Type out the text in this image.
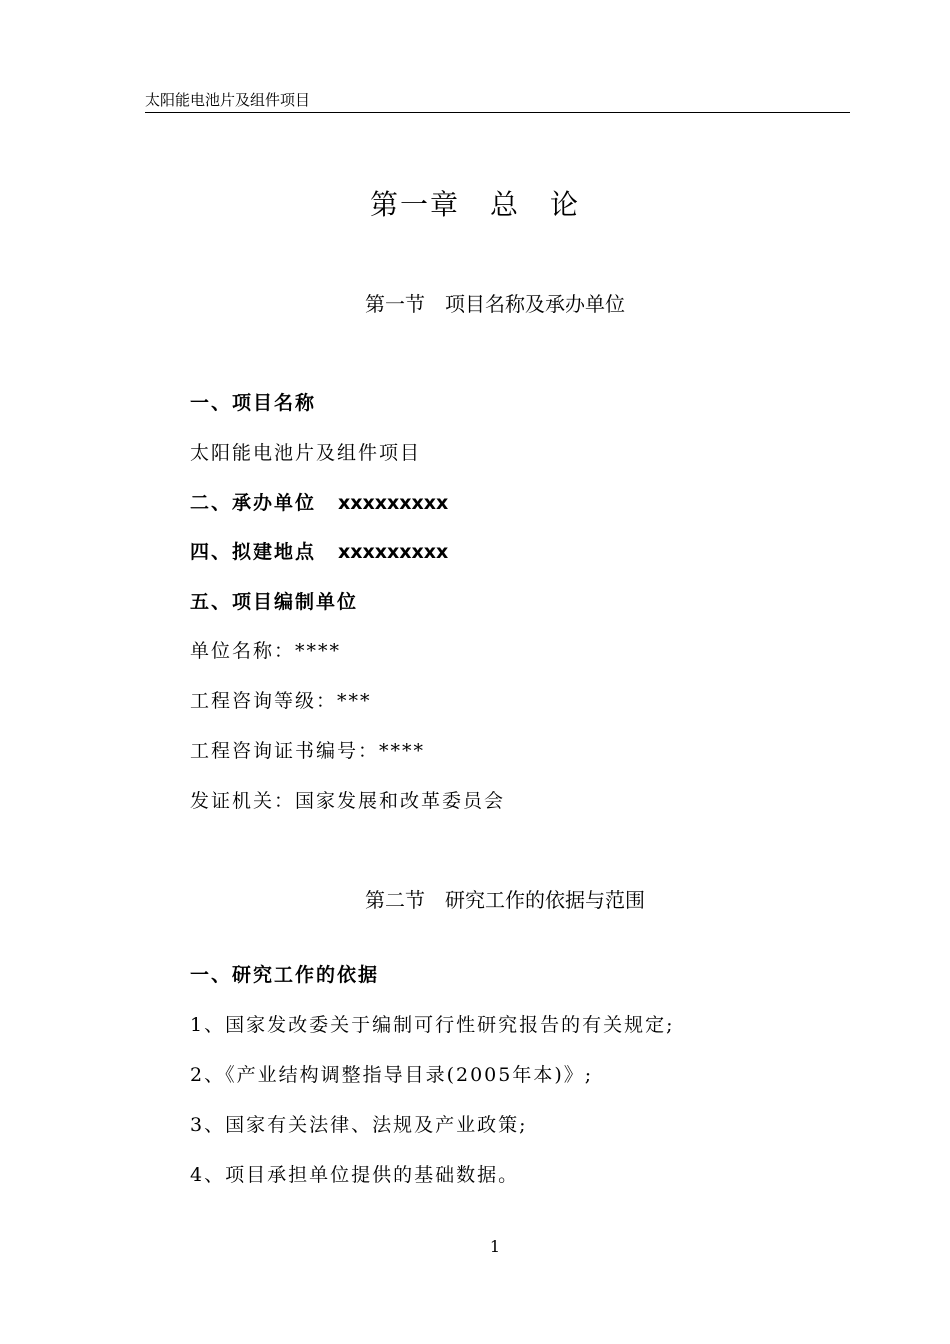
太阳能电池片及组件项目
第一章　总　论
第一节　项目名称及承办单位
一、项目名称
太阳能电池片及组件项目
二、承办单位 xxxxxxxxx
四、拟建地点 xxxxxxxxx
五、项目编制单位
单位名称：****
工程咨询等级：***
工程咨询证书编号：****
发证机关：国家发展和改革委员会
第二节　研究工作的依据与范围
一、研究工作的依据
1、国家发改委关于编制可行性研究报告的有关规定;
2、《产业结构调整指导目录(2005年本)》;
3、国家有关法律、法规及产业政策;
4、项目承担单位提供的基础数据。
1
